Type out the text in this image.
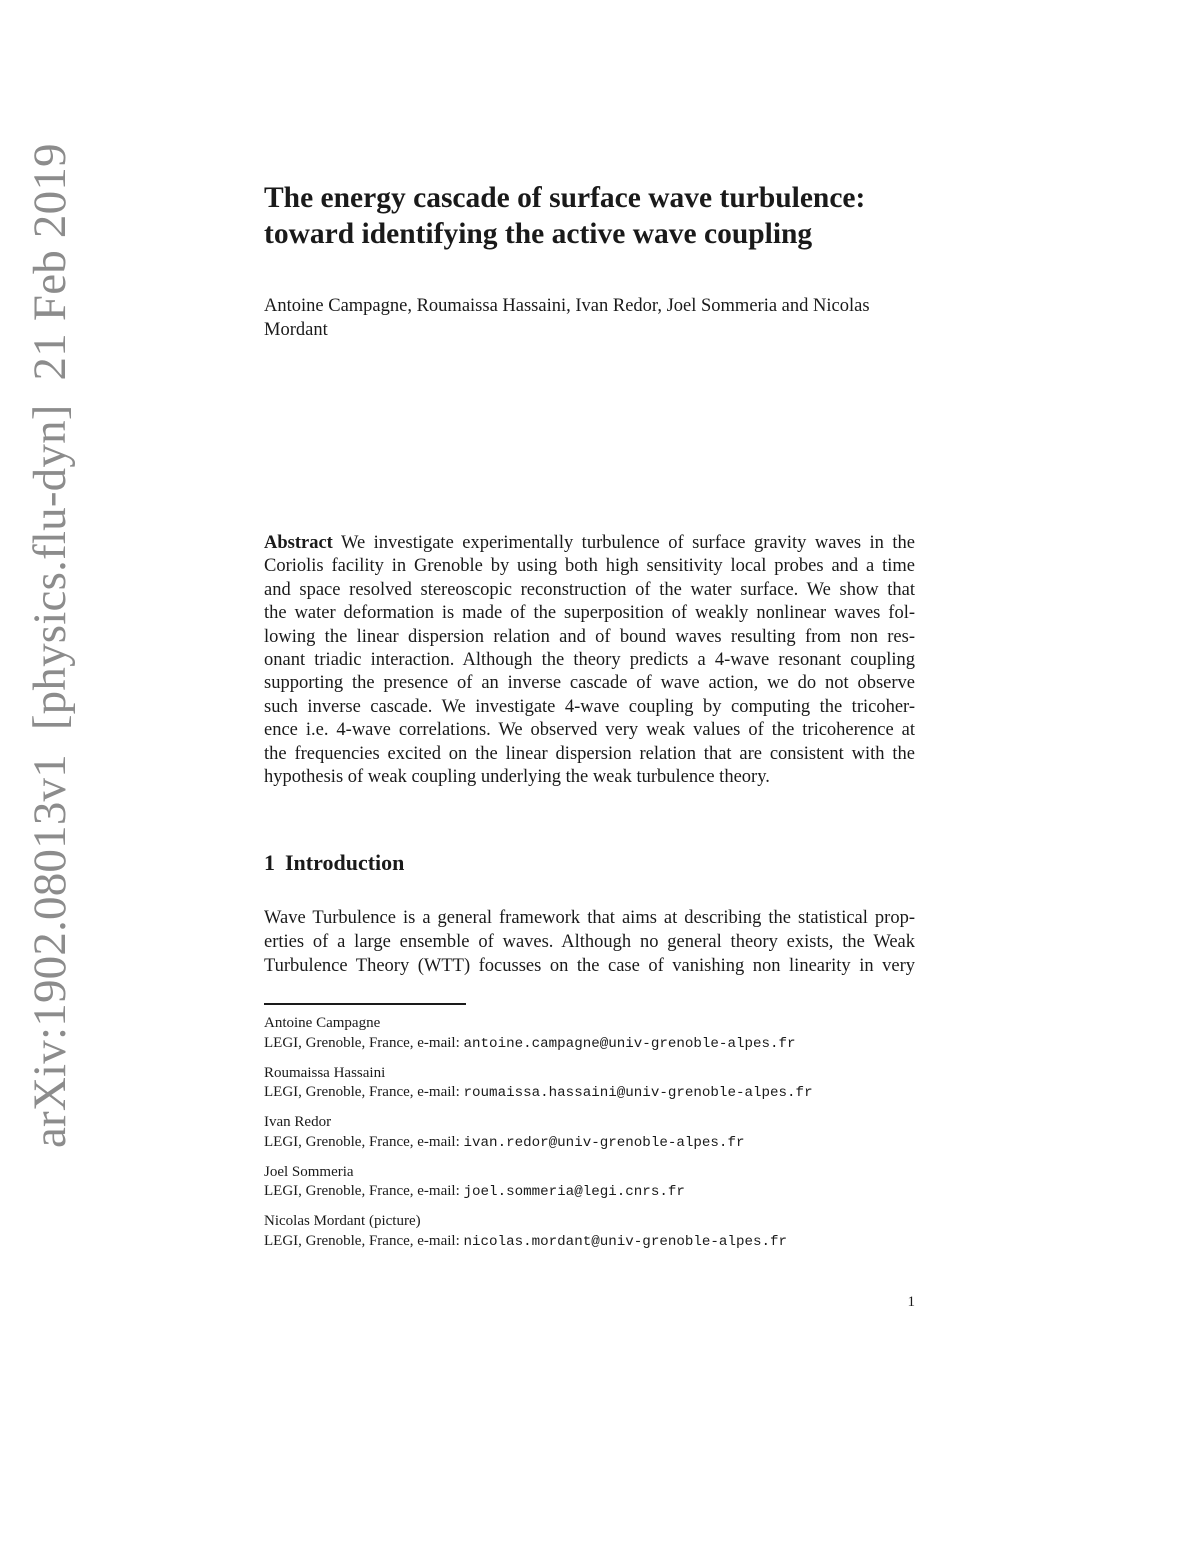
arXiv:1902.08013v1  [physics.flu-dyn]  21 Feb 2019	The energy cascade of surface wave turbulence:
toward identifying the active wave coupling
Antoine Campagne, Roumaissa Hassaini, Ivan Redor, Joel Sommeria and Nicolas
Mordant
Abstract We investigate experimentally turbulence of surface gravity waves in the
Coriolis facility in Grenoble by using both high sensitivity local probes and a time
and space resolved stereoscopic reconstruction of the water surface. We show that
the water deformation is made of the superposition of weakly nonlinear waves fol-
lowing the linear dispersion relation and of bound waves resulting from non res-
onant triadic interaction. Although the theory predicts a 4-wave resonant coupling
supporting the presence of an inverse cascade of wave action, we do not observe
such inverse cascade. We investigate 4-wave coupling by computing the tricoher-
ence i.e. 4-wave correlations. We observed very weak values of the tricoherence at
the frequencies excited on the linear dispersion relation that are consistent with the
hypothesis of weak coupling underlying the weak turbulence theory.
1 Introduction
Wave Turbulence is a general framework that aims at describing the statistical prop-
erties of a large ensemble of waves. Although no general theory exists, the Weak
Turbulence Theory (WTT) focusses on the case of vanishing non linearity in very
Antoine Campagne
LEGI, Grenoble, France, e-mail: antoine.campagne@univ-grenoble-alpes.fr
Roumaissa Hassaini
LEGI, Grenoble, France, e-mail: roumaissa.hassaini@univ-grenoble-alpes.fr
Ivan Redor
LEGI, Grenoble, France, e-mail: ivan.redor@univ-grenoble-alpes.fr
Joel Sommeria
LEGI, Grenoble, France, e-mail: joel.sommeria@legi.cnrs.fr
Nicolas Mordant (picture)
LEGI, Grenoble, France, e-mail: nicolas.mordant@univ-grenoble-alpes.fr
1
